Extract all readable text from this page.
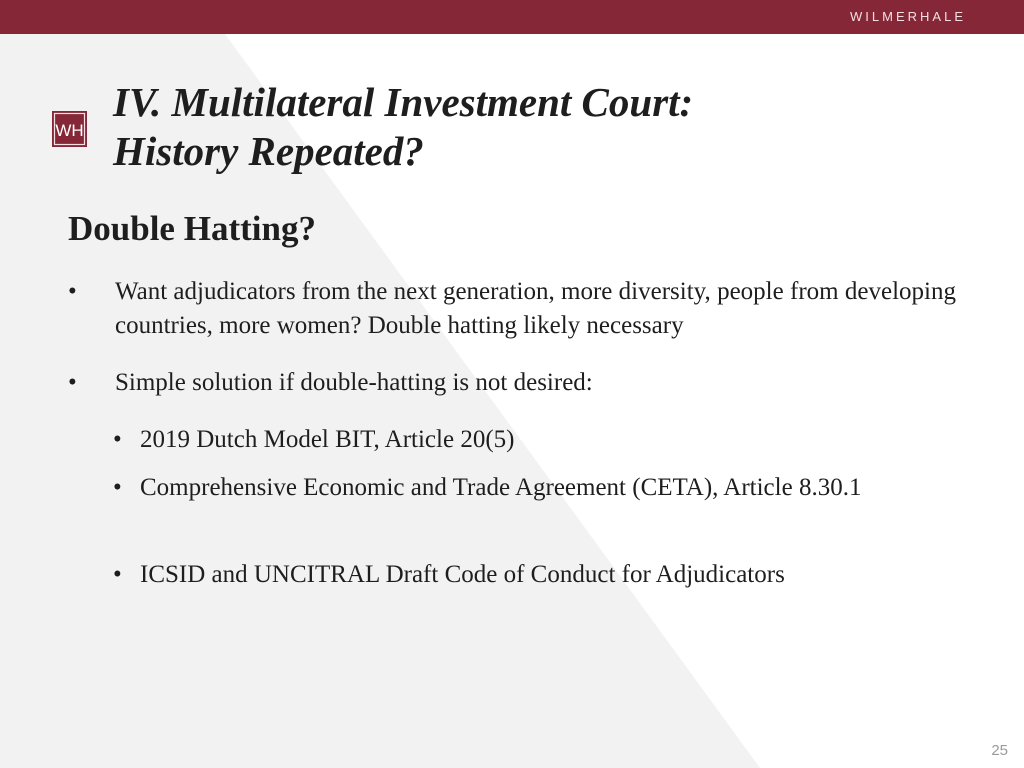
WILMERHALE
WH
IV. Multilateral Investment Court:
History Repeated?
Double Hatting?
• Want adjudicators from the next generation, more diversity, people from developing countries, more women? Double hatting likely necessary
• Simple solution if double-hatting is not desired:
• 2019 Dutch Model BIT, Article 20(5)
• Comprehensive Economic and Trade Agreement (CETA), Article 8.30.1
• ICSID and UNCITRAL Draft Code of Conduct for Adjudicators
25
